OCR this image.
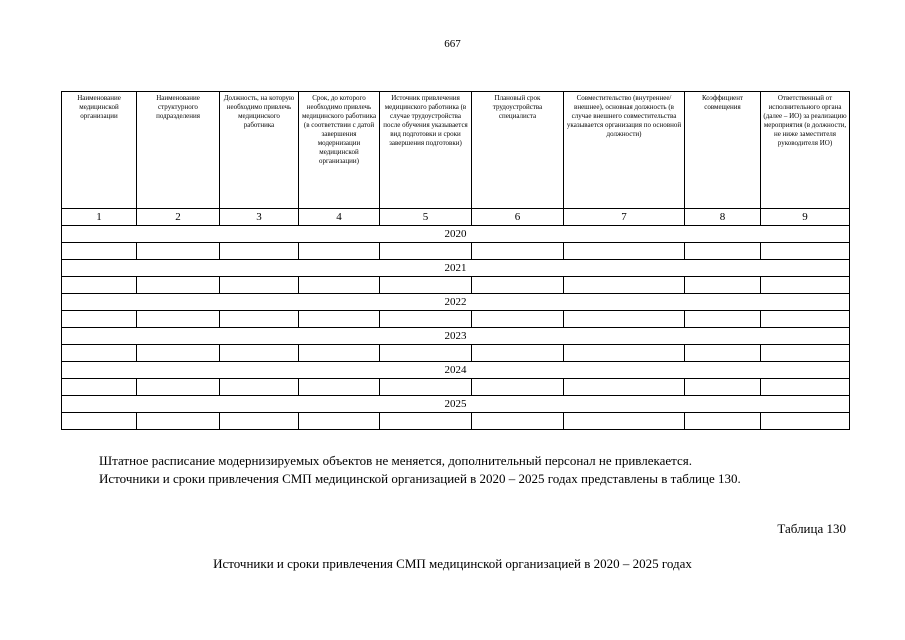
667
Наименование медицинской организации	Наименование структурного подразделения	Должность, на которую необходимо привлечь медицинского работника	Срок, до которого необходимо привлечь медицинского работника (в соответствии с датой завершения модернизации медицинской организации)	Источник привлечения медицинского работника (в случае трудоустройства после обучения указывается вид подготовки и сроки завершения подготовки)	Плановый срок трудоустройства специалиста	Совместительство (внутреннее/внешнее), основная должность (в случае внешнего совместительства указывается организация по основной должности)	Коэффициент совмещения	Ответственный от исполнительного органа (далее – ИО) за реализацию мероприятия (в должности, не ниже заместителя руководителя ИО)
1	2	3	4	5	6	7	8	9
2020								

2021								

2022								

2023								

2024								

2025								

Штатное расписание модернизируемых объектов не меняется, дополнительный персонал не привлекается.

Источники и сроки привлечения СМП медицинской организацией в 2020 – 2025 годах представлены в таблице 130.

Таблица 130
Источники и сроки привлечения СМП медицинской организацией в 2020 – 2025 годах
